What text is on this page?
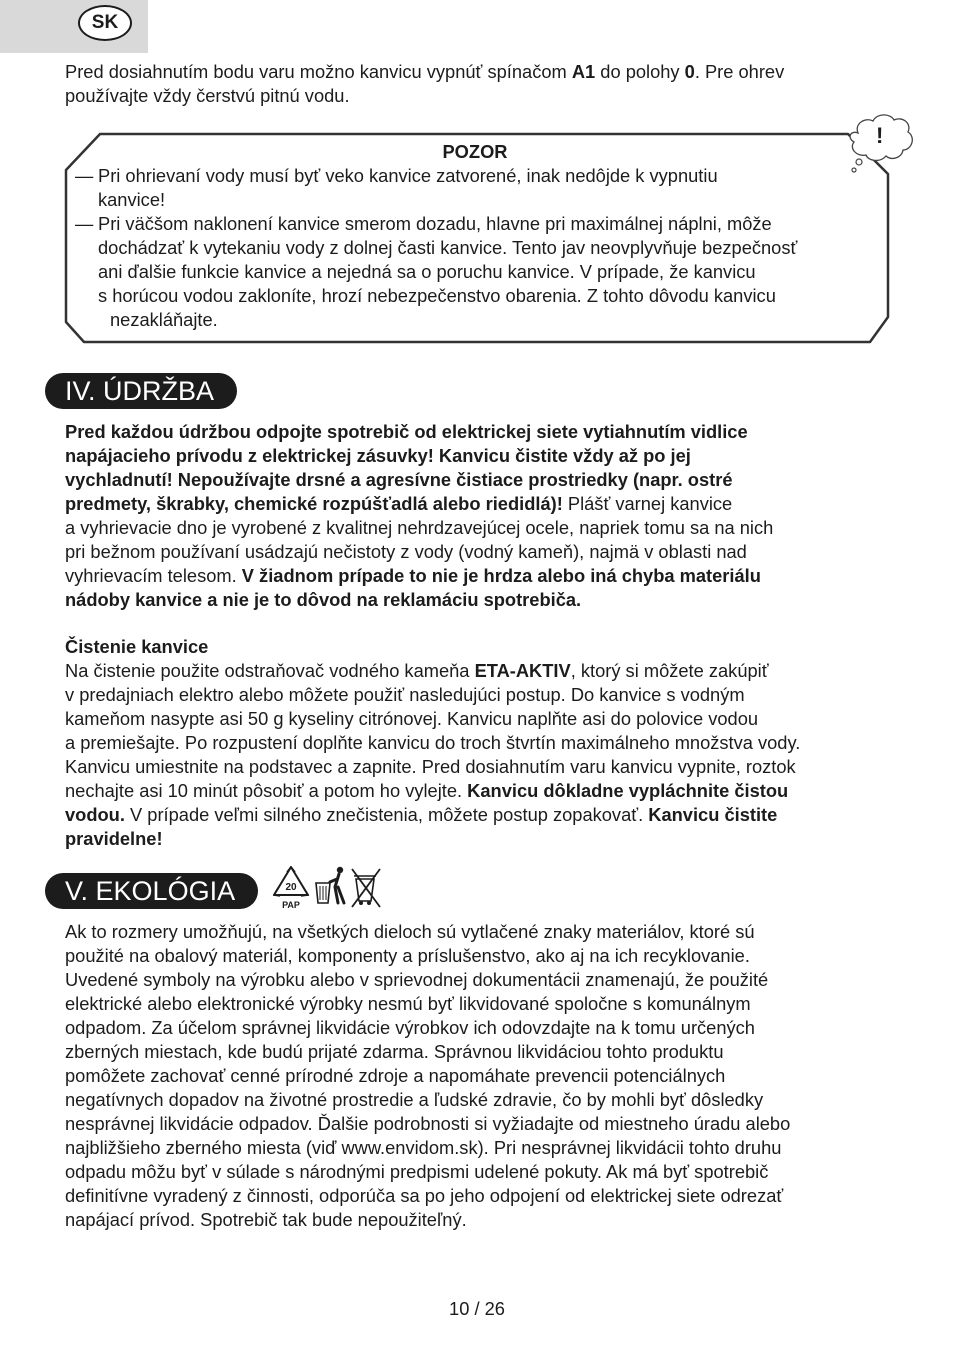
SK

Pred dosiahnutím bodu varu možno kanvicu vypnúť spínačom A1 do polohy 0. Pre ohrev
používajte vždy čerstvú pitnú vodu.

!

POZOR

— Pri ohrievaní vody musí byť veko kanvice zatvorené, inak nedôjde k vypnutiu
kanvice!

— Pri väčšom naklonení kanvice smerom dozadu, hlavne pri maximálnej náplni, môže
dochádzať k vytekaniu vody z dolnej časti kanvice. Tento jav neovplyvňuje bezpečnosť
ani ďalšie funkcie kanvice a nejedná sa o poruchu kanvice. V prípade, že kanvicu
s horúcou vodou zakloníte, hrozí nebezpečenstvo obarenia. Z tohto dôvodu kanvicu
nezakláňajte.

IV. ÚDRŽBA

Pred každou údržbou odpojte spotrebič od elektrickej siete vytiahnutím vidlice
napájacieho prívodu z elektrickej zásuvky! Kanvicu čistite vždy až po jej
vychladnutí! Nepoužívajte drsné a agresívne čistiace prostriedky (napr. ostré
predmety, škrabky, chemické rozpúšťadlá alebo riedidlá)! Plášť varnej kanvice
a vyhrievacie dno je vyrobené z kvalitnej nehrdzavejúcej ocele, napriek tomu sa na nich
pri bežnom používaní usádzajú nečistoty z vody (vodný kameň), najmä v oblasti nad
vyhrievacím telesom. V žiadnom prípade to nie je hrdza alebo iná chyba materiálu
nádoby kanvice a nie je to dôvod na reklamáciu spotrebiča.

Čistenie kanvice
Na čistenie použite odstraňovač vodného kameňa ETA-AKTIV, ktorý si môžete zakúpiť
v predajniach elektro alebo môžete použiť nasledujúci postup. Do kanvice s vodným
kameňom nasypte asi 50 g kyseliny citrónovej. Kanvicu naplňte asi do polovice vodou
a premiešajte. Po rozpustení doplňte kanvicu do troch štvrtín maximálneho množstva vody.
Kanvicu umiestnite na podstavec a zapnite. Pred dosiahnutím varu kanvicu vypnite, roztok
nechajte asi 10 minút pôsobiť a potom ho vylejte. Kanvicu dôkladne vypláchnite čistou
vodou. V prípade veľmi silného znečistenia, môžete postup zopakovať. Kanvicu čistite
pravidelne!

V. EKOLÓGIA	20
PAP

Ak to rozmery umožňujú, na všetkých dieloch sú vytlačené znaky materiálov, ktoré sú
použité na obalový materiál, komponenty a príslušenstvo, ako aj na ich recyklovanie.
Uvedené symboly na výrobku alebo v sprievodnej dokumentácii znamenajú, že použité
elektrické alebo elektronické výrobky nesmú byť likvidované spoločne s komunálnym
odpadom. Za účelom správnej likvidácie výrobkov ich odovzdajte na k tomu určených
zberných miestach, kde budú prijaté zdarma. Správnou likvidáciou tohto produktu
pomôžete zachovať cenné prírodné zdroje a napomáhate prevencii potenciálnych
negatívnych dopadov na životné prostredie a ľudské zdravie, čo by mohli byť dôsledky
nesprávnej likvidácie odpadov. Ďalšie podrobnosti si vyžiadajte od miestneho úradu alebo
najbližšieho zberného miesta (viď www.envidom.sk). Pri nesprávnej likvidácii tohto druhu
odpadu môžu byť v súlade s národnými predpismi udelené pokuty. Ak má byť spotrebič
definitívne vyradený z činnosti, odporúča sa po jeho odpojení od elektrickej siete odrezať
napájací prívod. Spotrebič tak bude nepoužiteľný.

10 / 26
